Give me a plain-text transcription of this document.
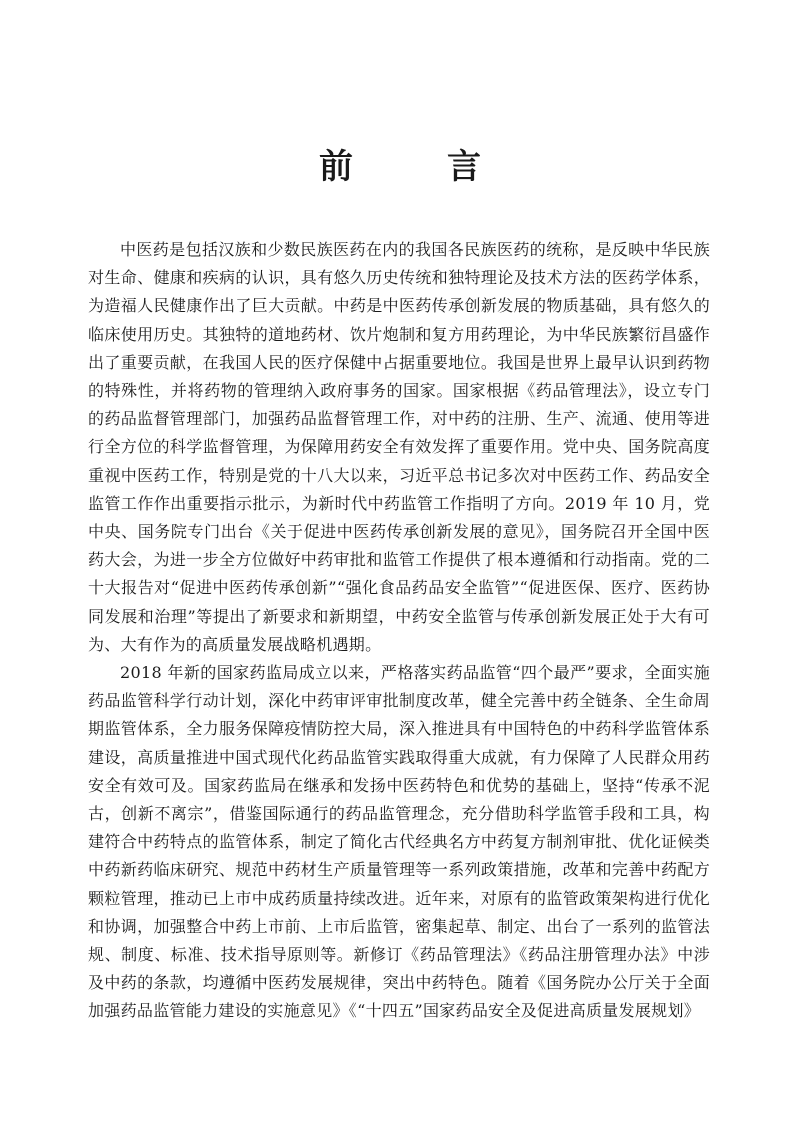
前　言

中医药是包括汉族和少数民族医药在内的我国各民族医药的统称，是反映中华民族对生命、健康和疾病的认识，具有悠久历史传统和独特理论及技术方法的医药学体系，为造福人民健康作出了巨大贡献。中药是中医药传承创新发展的物质基础，具有悠久的临床使用历史。其独特的道地药材、饮片炮制和复方用药理论，为中华民族繁衍昌盛作出了重要贡献，在我国人民的医疗保健中占据重要地位。我国是世界上最早认识到药物的特殊性，并将药物的管理纳入政府事务的国家。国家根据《药品管理法》，设立专门的药品监督管理部门，加强药品监督管理工作，对中药的注册、生产、流通、使用等进行全方位的科学监督管理，为保障用药安全有效发挥了重要作用。党中央、国务院高度重视中医药工作，特别是党的十八大以来，习近平总书记多次对中医药工作、药品安全监管工作作出重要指示批示，为新时代中药监管工作指明了方向。2019 年 10 月，党中央、国务院专门出台《关于促进中医药传承创新发展的意见》，国务院召开全国中医药大会，为进一步全方位做好中药审批和监管工作提供了根本遵循和行动指南。党的二十大报告对“促进中医药传承创新”“强化食品药品安全监管”“促进医保、医疗、医药协同发展和治理”等提出了新要求和新期望，中药安全监管与传承创新发展正处于大有可为、大有作为的高质量发展战略机遇期。

2018 年新的国家药监局成立以来，严格落实药品监管“四个最严”要求，全面实施药品监管科学行动计划，深化中药审评审批制度改革，健全完善中药全链条、全生命周期监管体系，全力服务保障疫情防控大局，深入推进具有中国特色的中药科学监管体系建设，高质量推进中国式现代化药品监管实践取得重大成就，有力保障了人民群众用药安全有效可及。国家药监局在继承和发扬中医药特色和优势的基础上，坚持“传承不泥古，创新不离宗”，借鉴国际通行的药品监管理念，充分借助科学监管手段和工具，构建符合中药特点的监管体系，制定了简化古代经典名方中药复方制剂审批、优化证候类中药新药临床研究、规范中药材生产质量管理等一系列政策措施，改革和完善中药配方颗粒管理，推动已上市中成药质量持续改进。近年来，对原有的监管政策架构进行优化和协调，加强整合中药上市前、上市后监管，密集起草、制定、出台了一系列的监管法规、制度、标准、技术指导原则等。新修订《药品管理法》《药品注册管理办法》中涉及中药的条款，均遵循中医药发展规律，突出中药特色。随着《国务院办公厅关于全面加强药品监管能力建设的实施意见》《“十四五”国家药品安全及促进高质量发展规划》
